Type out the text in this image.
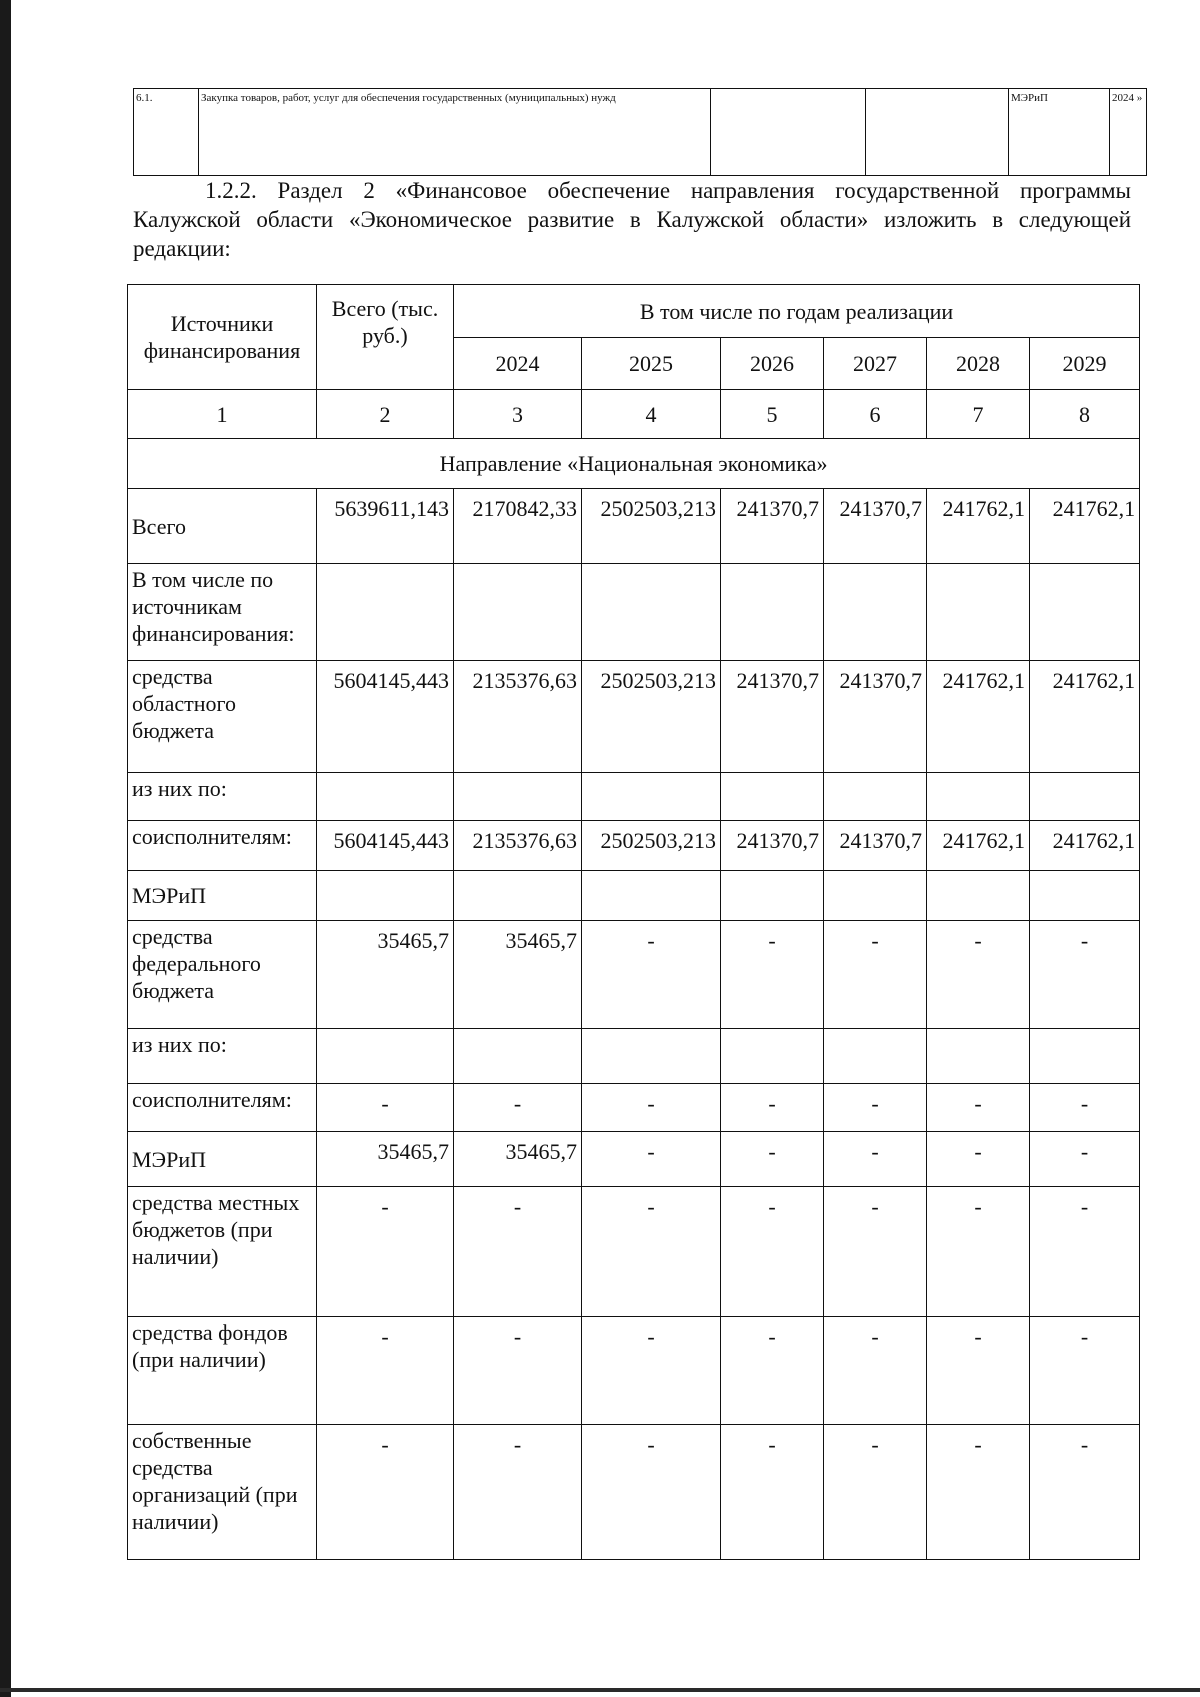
6.1.	Закупка товаров, работ, услуг для обеспечения государственных (муниципальных) нужд			МЭРиП	2024 »
1.2.2. Раздел 2 «Финансовое обеспечение направления государственной программы Калужской области «Экономическое развитие в Калужской области» изложить в следующей редакции:
Источники финансирования	Всего (тыс. руб.)	В том числе по годам реализации					
		2024	2025	2026	2027	2028	2029
1	2	3	4	5	6	7	8
Направление «Национальная экономика»							
Всего	5639611,143	2170842,33	2502503,213	241370,7	241370,7	241762,1	241762,1
В том числе по источникам финансирования:							
средства областного бюджета	5604145,443	2135376,63	2502503,213	241370,7	241370,7	241762,1	241762,1
из них по:							
соисполнителям:	5604145,443	2135376,63	2502503,213	241370,7	241370,7	241762,1	241762,1
МЭРиП							
средства федерального бюджета	35465,7	35465,7	-	-	-	-	-
из них по:							
соисполнителям:	-	-	-	-	-	-	-
МЭРиП	35465,7	35465,7	-	-	-	-	-
средства местных бюджетов (при наличии)	-	-	-	-	-	-	-
средства фондов (при наличии)	-	-	-	-	-	-	-
собственные средства организаций (при наличии)	-	-	-	-	-	-	-
